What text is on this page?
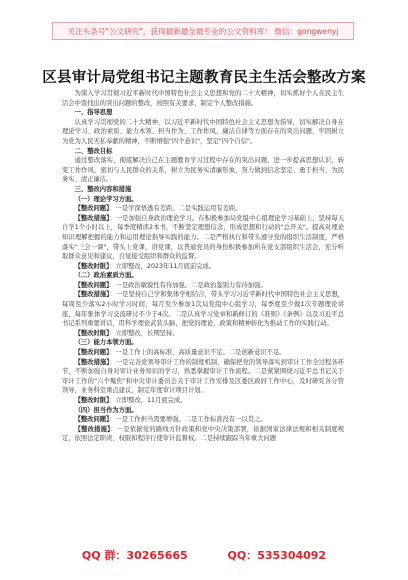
关注头条号"公文研究"，获得最新最全最专业的公文资料库！ 微信：gongwenyj
区县审计局党组书记主题教育民主生活会整改方案

为深入学习贯彻习近平新时代中国特色社会主义思想和党的二十大精神，切实抓好个人在民主生活会中查找出的突出问题的整改，按照有关要求，制定个人整改措施。

一、指导思想

认真学习贯彻党的二十大精神，以习近平新时代中国特色社会主义思想为指导，切实解决自身在理论学习、政治素质、能力本领、担当作为、工作作风、廉洁自律等方面存在的突出问题，牢固树立为党为人民无私奉献的精神，不断增强"四个意识"，坚定"四个自信"。

二、整改目标

通过整改落实，彻底解决自己在主题教育学习过程中存在的突出问题，进一步提高思想认识，转变工作作风，密切与人民群众的关系，树立为民务实清廉形象，努力做到信念坚定、勇于担当、为民务实、清正廉洁。

三、整改内容和措施

（一）理论学习方面。

【整改问题】：一是学深悟透有差距。二是实践运用有差距。

【整改措施】：一是加强自身政治理论学习。在积极参加局党组中心组理论学习基础上，坚持每天自学1个小时以上，每季度精读2本书，不断坚定理想信念，形成思想和行动的"总开关"。提高对理论知识理解把握的能力和运用理论指导实践的能力。二是严格执行和带头遵守党的组织生活制度，严格落实"三会一课"，带头上党课，讲党课，以普通党员的身份积极参加所在党支部组织生活会，充分听取群众意见和建议，自觉接受组织和群众的监督。

【整改时限】：立即整改，2023年11月底前完成。

（二）政治素质方面。

【整改问题】：一是政治敏锐性有待加强。二是政治鉴别力有待加强。

【整改措施】：一是坚持自己学和集体学相结合，带头学习习近平新时代中国特色社会主义思想，每周至少落实2小时学习时间，每月至少参加1次局党组中心组学习，每季度至少做1次专题理论讲座，每年集体学习交流研讨不少于4次。二是认真学习党章和新修订的《准则》《条例》以及习近平总书记系列重要讲话，用科学理论武装头脑，把党的理论、政策和精神转化为推动工作的实践行动。

【整改时限】：立即整改，长期坚持。

（三）能力本领方面。

【整改问题】：一是工作上的高标准、高质量意识不足。二是创新意识不足。

【整改措施】：一是完善党领导审计工作的制度机制，确保把党的领导落实到审计工作全过程各环节，不断加强自身对审计业务知识的学习，熟悉掌握审计工作流程。二是紧紧围绕习近平总书记关于审计工作的"六个聚焦"和中央审计委员会关于审计工作安排及区委区政府工作中心，及时研究各分管领导，业务科室重点建议，制定年度审计项目计划。

【整改时限】：立即整改，11月底完成。

（四）担当作为方面。

【整改问题】：一是工作担当需要增强。二是工作标准没有一以贯之。

【整改措施】：一是依据党的路线方针政策和党中央决策部署，依据国家法律法规和相关制度规定，依照法定职责、权限和程序行使审计监督权。二是持续跟踪当年重大问题

QQ 群：30265665	QQ：535304092
